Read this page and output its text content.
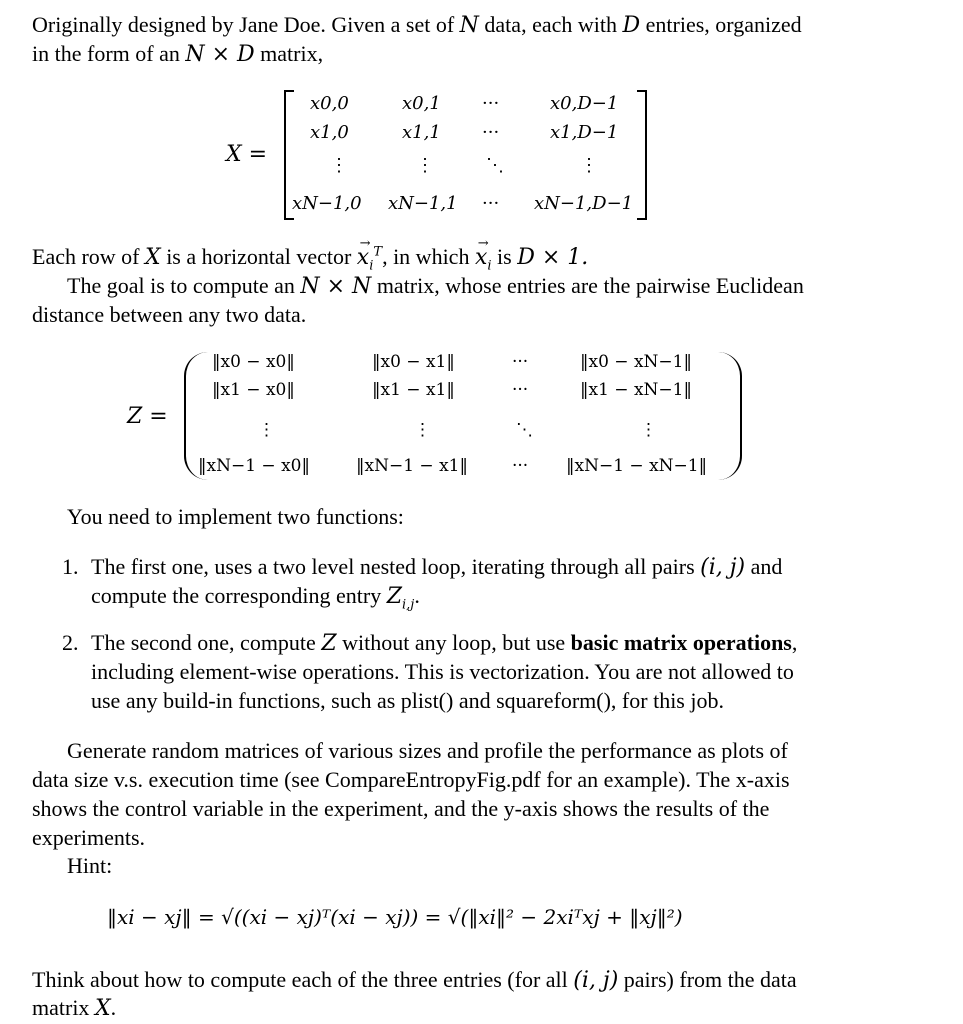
Originally designed by Jane Doe. Given a set of N data, each with D entries, organized
in the form of an N × D matrix,
X =
x0,0	x0,1 ···	x0,D−1
x1,0	x1,1 ···	x1,D−1
⋮	⋮	⋱	⋮
xN−1,0 xN−1,1 ··· xN−1,D−1
Each row of X is a horizontal vector → $x_i^T$, in which → $x_i$ is D × 1.
The goal is to compute an N × N matrix, whose entries are the pairwise Euclidean
distance between any two data.
Z =
‖x0 − x0‖	‖x0 − x1‖	···	‖x0 − xN−1‖
‖x1 − x0‖	‖x1 − x1‖	···	‖x1 − xN−1‖
⋮	⋮	⋱	⋮
‖xN−1 − x0‖	‖xN−1 − x1‖	··· ‖xN−1 − xN−1‖
You need to implement two functions:
1. The first one, uses a two level nested loop, iterating through all pairs (i, j) and
compute the corresponding entry $Z_{i,j}$.
2. The second one, compute Z without any loop, but use basic matrix operations,
including element-wise operations. This is vectorization. You are not allowed to
use any build-in functions, such as plist() and squareform(), for this job.
Generate random matrices of various sizes and profile the performance as plots of
data size v.s. execution time (see CompareEntropyFig.pdf for an example). The x-axis
shows the control variable in the experiment, and the y-axis shows the results of the
experiments.
Hint:
‖xi − xj‖ = √((xi − xj)ᵀ(xi − xj)) = √(‖xi‖² − 2xiᵀxj + ‖xj‖²)
Think about how to compute each of the three entries (for all (i, j) pairs) from the data
matrix X.
